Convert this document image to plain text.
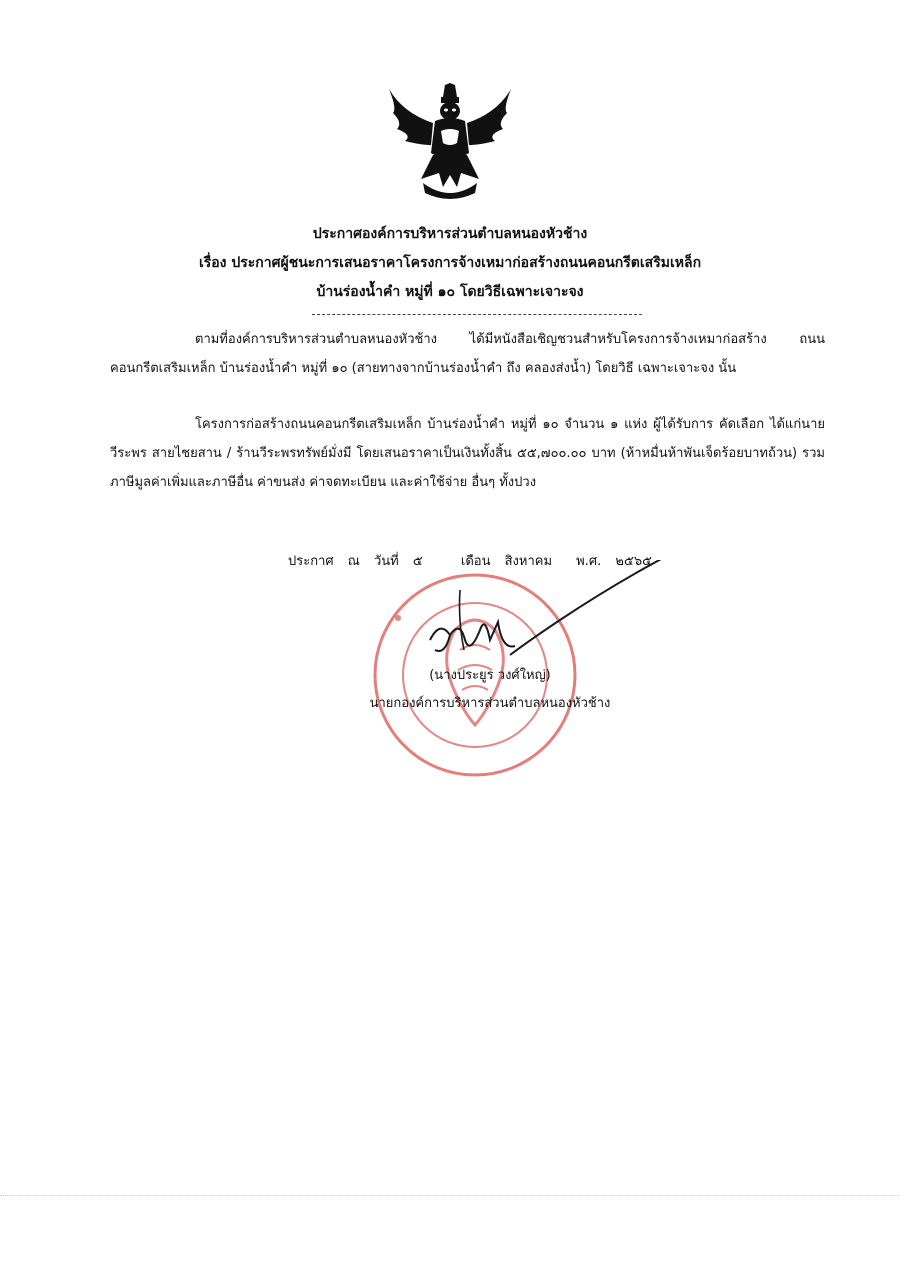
ประกาศองค์การบริหารส่วนตำบลหนองหัวช้าง
เรื่อง ประกาศผู้ชนะการเสนอราคาโครงการจ้างเหมาก่อสร้างถนนคอนกรีตเสริมเหล็ก
บ้านร่องน้ำคำ หมู่ที่ ๑๐ โดยวิธีเฉพาะเจาะจง
ตามที่องค์การบริหารส่วนตำบลหนองหัวช้าง ได้มีหนังสือเชิญชวนสำหรับโครงการจ้างเหมาก่อสร้าง ถนนคอนกรีตเสริมเหล็ก บ้านร่องน้ำคำ หมู่ที่ ๑๐ (สายทางจากบ้านร่องน้ำคำ ถึง คลองส่งน้ำ) โดยวิธี เฉพาะเจาะจง นั้น
โครงการก่อสร้างถนนคอนกรีตเสริมเหล็ก บ้านร่องน้ำคำ หมู่ที่ ๑๐ จำนวน ๑ แห่ง ผู้ได้รับการ คัดเลือก ได้แก่นายวีระพร สายไชยสาน / ร้านวีระพรทรัพย์มั่งมี โดยเสนอราคาเป็นเงินทั้งสิ้น ๕๕,๗๐๐.๐๐ บาท (ห้าหมื่นห้าพันเจ็ดร้อยบาทถ้วน) รวมภาษีมูลค่าเพิ่มและภาษีอื่น ค่าขนส่ง ค่าจดทะเบียน และค่าใช้จ่าย อื่นๆ ทั้งปวง
ประกาศ ณ วันที่ ๕	เดือน สิงหาคม พ.ศ. ๒๕๖๕
(นางประยูร วงศ์ใหญ่)
นายกองค์การบริหารส่วนตำบลหนองหัวช้าง
